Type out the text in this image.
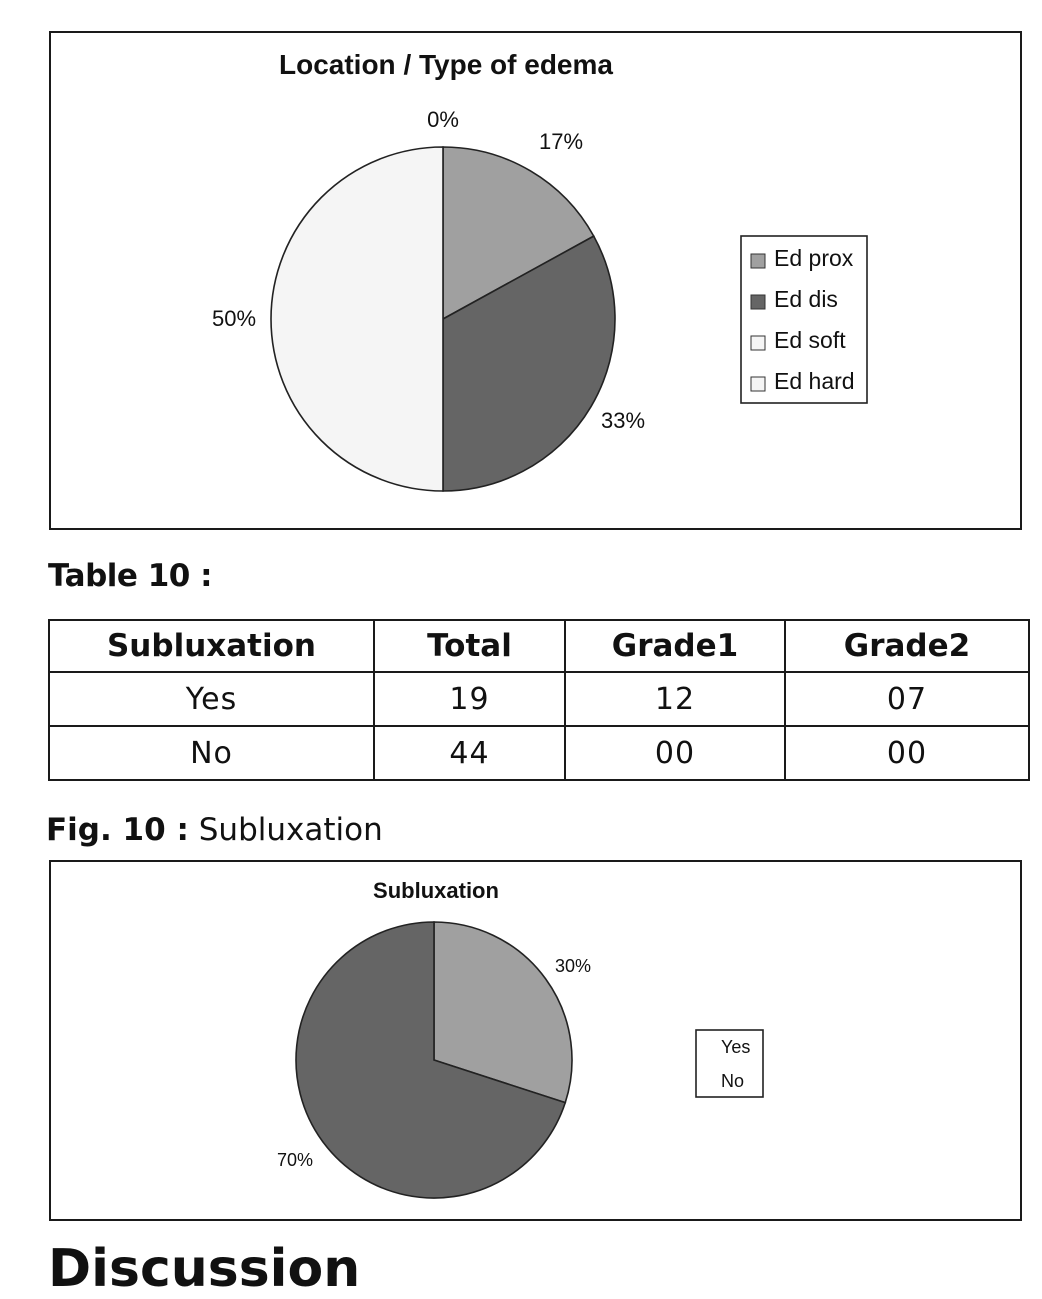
Location / Type of edema
17%
33%
50%
0%
Ed prox
Ed dis
Ed soft
Ed hard
Table 10 :
Subluxation	Total	Grade1	Grade2
Yes	19	12	07
No	44	00	00
Fig. 10 : Subluxation
Subluxation
30%
70%
Yes
No
Discussion
